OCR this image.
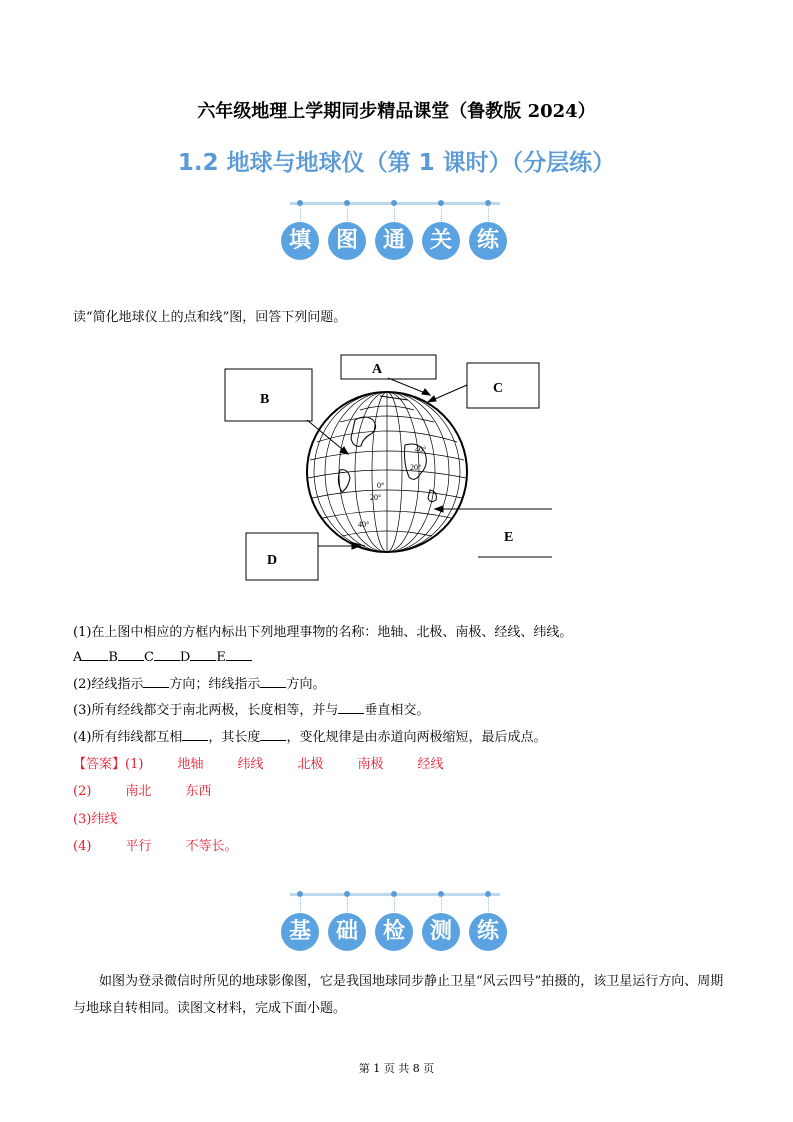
六年级地理上学期同步精品课堂（鲁教版 2024）
1.2 地球与地球仪（第 1 课时）（分层练）
填	图	通	关	练
读“简化地球仪上的点和线”图，回答下列问题。
40°
20°
0°
20°
40°
A
B
C
D
E
(1)在上图中相应的方框内标出下列地理事物的名称：地轴、北极、南极、经线、纬线。
A B C D E
(2)经线指示 方向；纬线指示 方向。
(3)所有经线都交于南北两极，长度相等，并与 垂直相交。
(4)所有纬线都互相 ，其长度 ，变化规律是由赤道向两极缩短，最后成点。
【答案】(1)	地轴	纬线	北极	南极	经线
(2)	南北	东西
(3)纬线
(4)	平行	不等长。
基	础	检	测	练
如图为登录微信时所见的地球影像图，它是我国地球同步静止卫星“风云四号”拍摄的，该卫星运行方向、周期与地球自转相同。读图文材料，完成下面小题。
第 1 页 共 8 页
